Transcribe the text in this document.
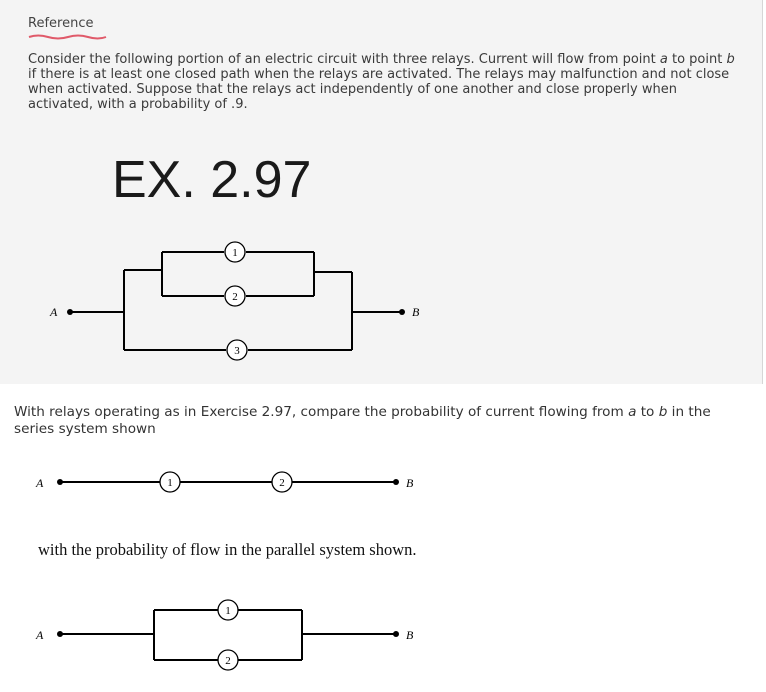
Reference
Consider the following portion of an electric circuit with three relays. Current will flow from point a to point b if there is at least one closed path when the relays are activated. The relays may malfunction and not close when activated. Suppose that the relays act independently of one another and close properly when activated, with a probability of .9.
EX. 2.97
A	B
1
2
3
A	B
1	2
A	B
1
2
With relays operating as in Exercise 2.97, compare the probability of current flowing from a to b in the series system shown
with the probability of flow in the parallel system shown.
